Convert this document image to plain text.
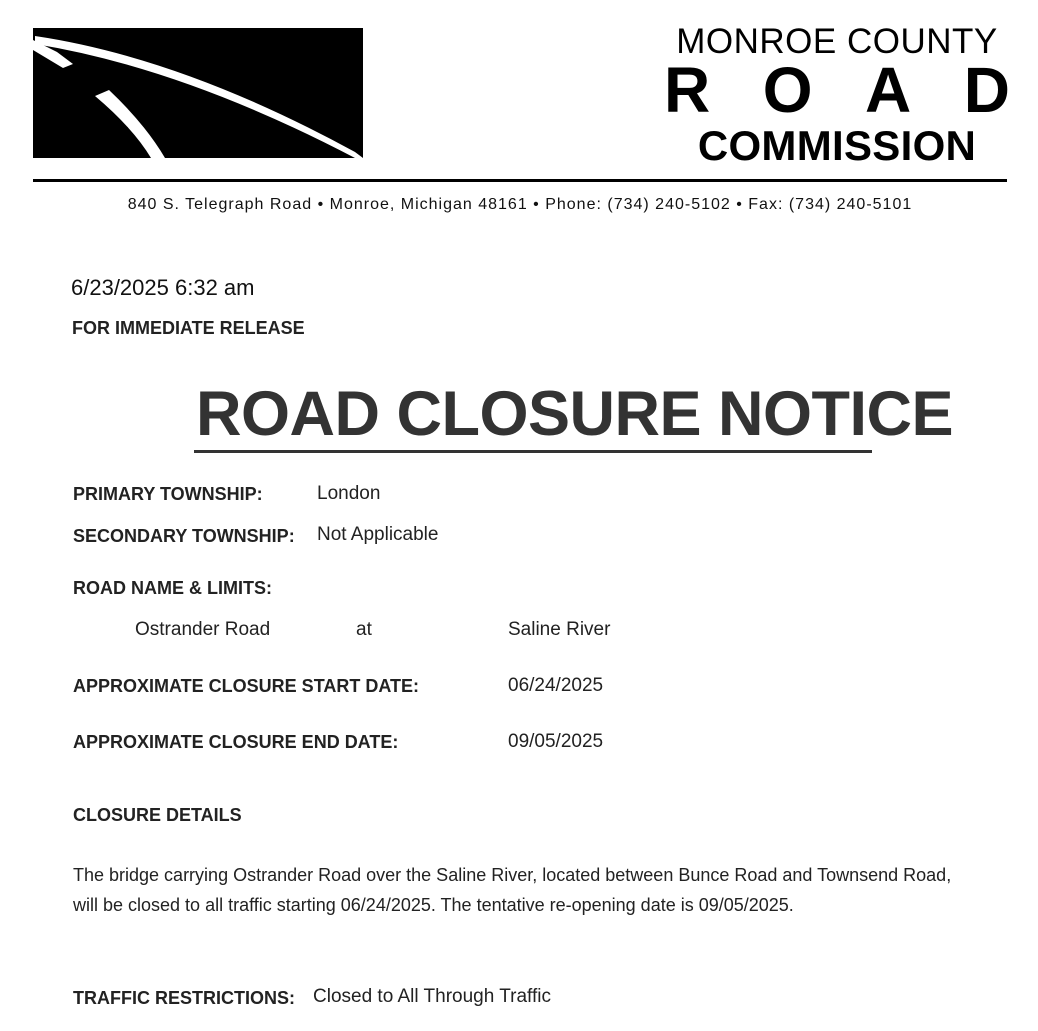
MONROE COUNTY
R O A D
COMMISSION
840 S. Telegraph Road • Monroe, Michigan 48161 • Phone: (734) 240-5102 • Fax: (734) 240-5101
6/23/2025 6:32 am
FOR IMMEDIATE RELEASE
ROAD CLOSURE NOTICE
PRIMARY TOWNSHIP:	London
SECONDARY TOWNSHIP: Not Applicable
ROAD NAME & LIMITS:
Ostrander Road	at	Saline River
APPROXIMATE CLOSURE START DATE:	06/24/2025
APPROXIMATE CLOSURE END DATE:	09/05/2025
CLOSURE DETAILS
The bridge carrying Ostrander Road over the Saline River, located between Bunce Road and Townsend Road, will be closed to all traffic starting 06/24/2025. The tentative re-opening date is 09/05/2025.
TRAFFIC RESTRICTIONS: Closed to All Through Traffic
